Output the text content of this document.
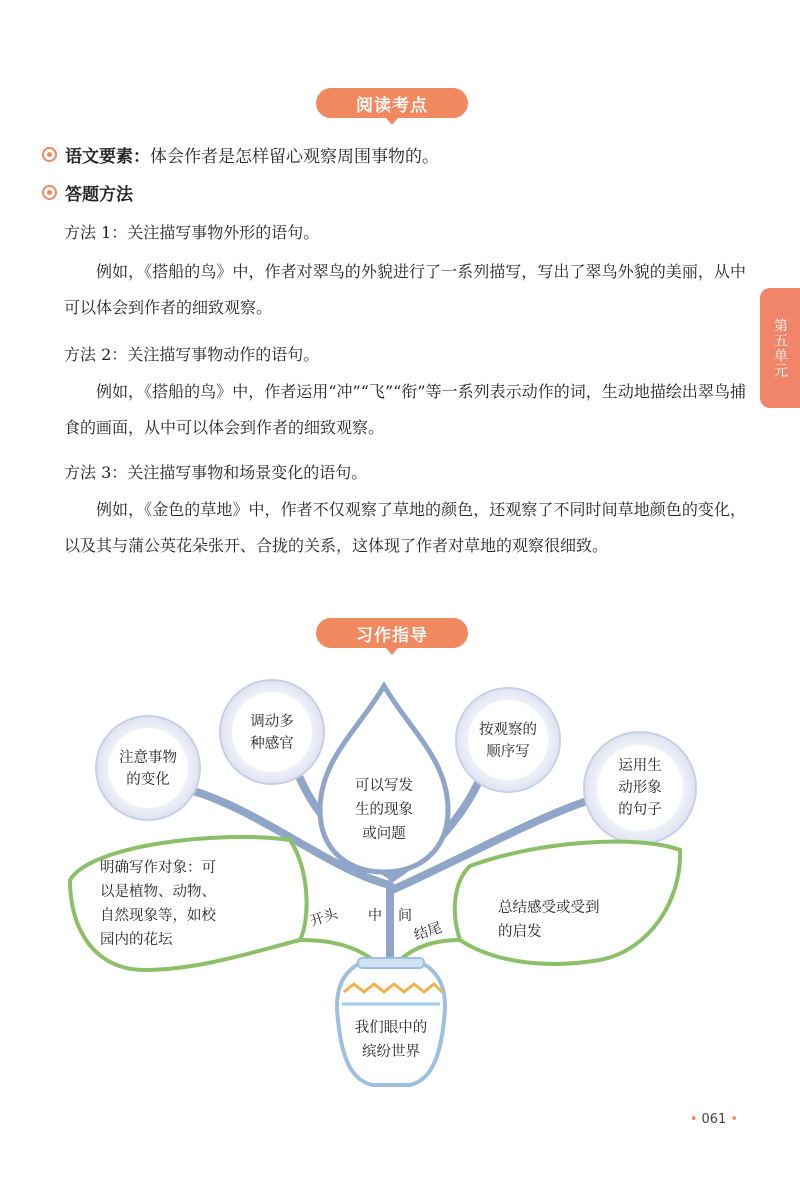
阅读考点
第五单元
语文要素： 体会作者是怎样留心观察周围事物的。
答题方法
方法 1：关注描写事物外形的语句。
例如，《搭船的鸟》中，作者对翠鸟的外貌进行了一系列描写，写出了翠鸟外貌的美丽，从中可以体会到作者的细致观察。
方法 2：关注描写事物动作的语句。
例如，《搭船的鸟》中，作者运用“冲”“飞”“衔”等一系列表示动作的词，生动地描绘出翠鸟捕食的画面，从中可以体会到作者的细致观察。
方法 3：关注描写事物和场景变化的语句。
例如，《金色的草地》中，作者不仅观察了草地的颜色，还观察了不同时间草地颜色的变化，以及其与蒲公英花朵张开、合拢的关系，这体现了作者对草地的观察很细致。
习作指导
注意事物
的变化
调动多
种感官
按观察的
顺序写
运用生
动形象
的句子
可以写发
生的现象
或问题
明确写作对象：可
以是植物、动物、
自然现象等，如校
园内的花坛
总结感受或受到
的启发
开头 中 间
结尾
我们眼中的
缤纷世界
• 061 •
